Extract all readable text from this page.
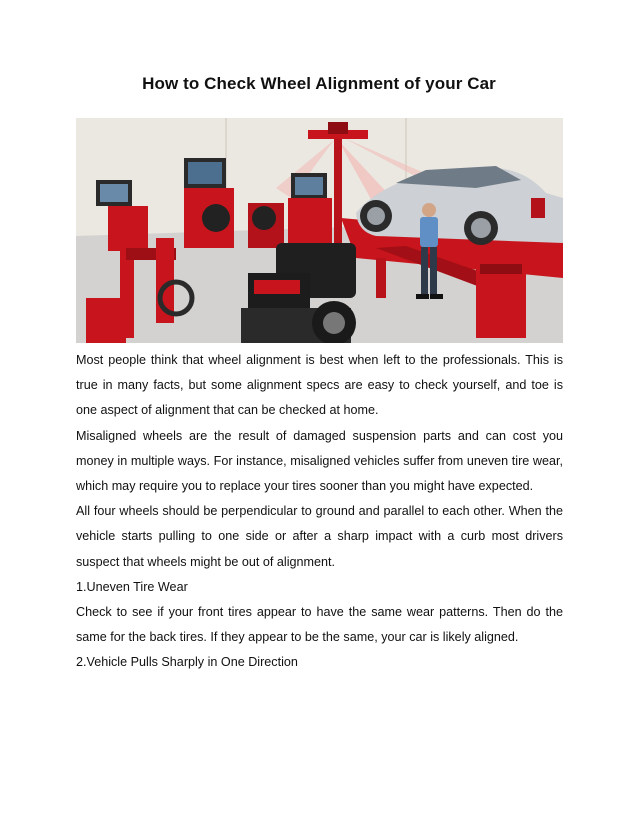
How to Check Wheel Alignment of your Car

Most people think that wheel alignment is best when left to the professionals. This is true in many facts, but some alignment specs are easy to check yourself, and toe is one aspect of alignment that can be checked at home.

Misaligned wheels are the result of damaged suspension parts and can cost you money in multiple ways. For instance, misaligned vehicles suffer from uneven tire wear, which may require you to replace your tires sooner than you might have expected.

All four wheels should be perpendicular to ground and parallel to each other. When the vehicle starts pulling to one side or after a sharp impact with a curb most drivers suspect that wheels might be out of alignment.

1.Uneven Tire Wear

Check to see if your front tires appear to have the same wear patterns. Then do the same for the back tires. If they appear to be the same, your car is likely aligned.

2.Vehicle Pulls Sharply in One Direction
